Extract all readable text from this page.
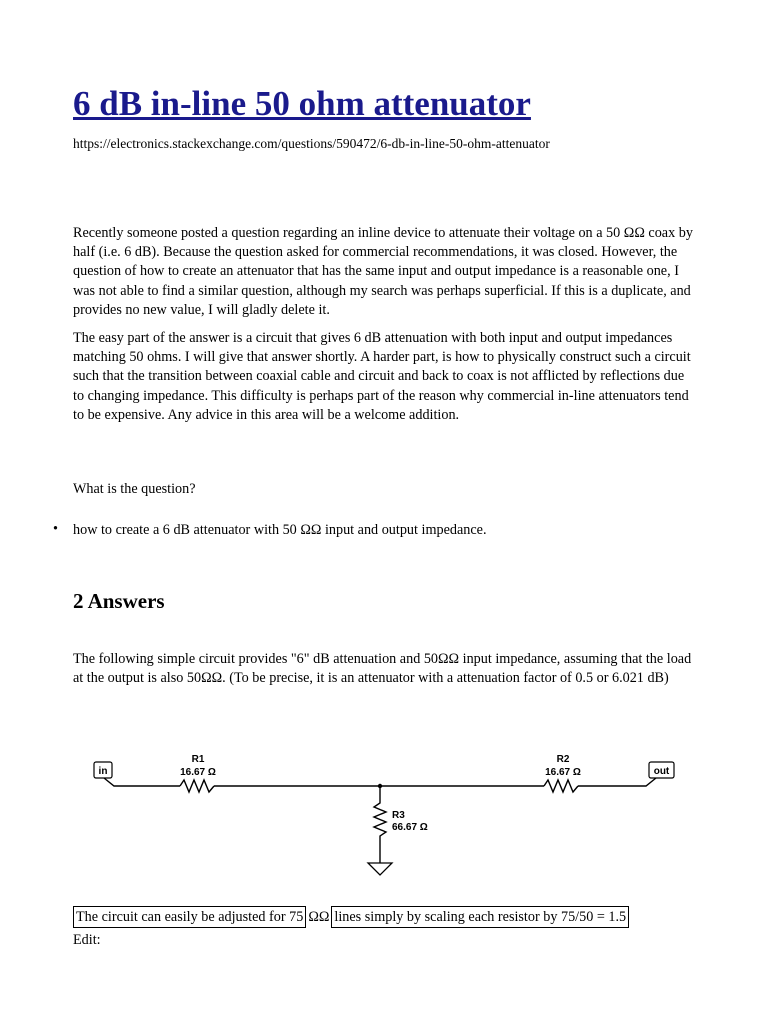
6 dB in-line 50 ohm attenuator
https://electronics.stackexchange.com/questions/590472/6-db-in-line-50-ohm-attenuator

Recently someone posted a question regarding an inline device to attenuate their voltage on a 50 ΩΩ coax by half (i.e. 6 dB). Because the question asked for commercial recommendations, it was closed. However, the question of how to create an attenuator that has the same input and output impedance is a reasonable one, I was not able to find a similar question, although my search was perhaps superficial. If this is a duplicate, and provides no new value, I will gladly delete it.

The easy part of the answer is a circuit that gives 6 dB attenuation with both input and output impedances matching 50 ohms. I will give that answer shortly. A harder part, is how to physically construct such a circuit such that the transition between coaxial cable and circuit and back to coax is not afflicted by reflections due to changing impedance. This difficulty is perhaps part of the reason why commercial in-line attenuators tend to be expensive. Any advice in this area will be a welcome addition.

What is the question?

• how to create a 6 dB attenuator with 50 ΩΩ input and output impedance.

2 Answers

The following simple circuit provides "6" dB attenuation and 50ΩΩ input impedance, assuming that the load at the output is also 50ΩΩ. (To be precise, it is an attenuator with a attenuation factor of 0.5 or 6.021 dB)

in
R1
16.67 Ω
R2
16.67 Ω	out
R3
66.67 Ω
The circuit can easily be adjusted for 75 ΩΩ lines simply by scaling each resistor by 75/50 = 1.5
Edit:
